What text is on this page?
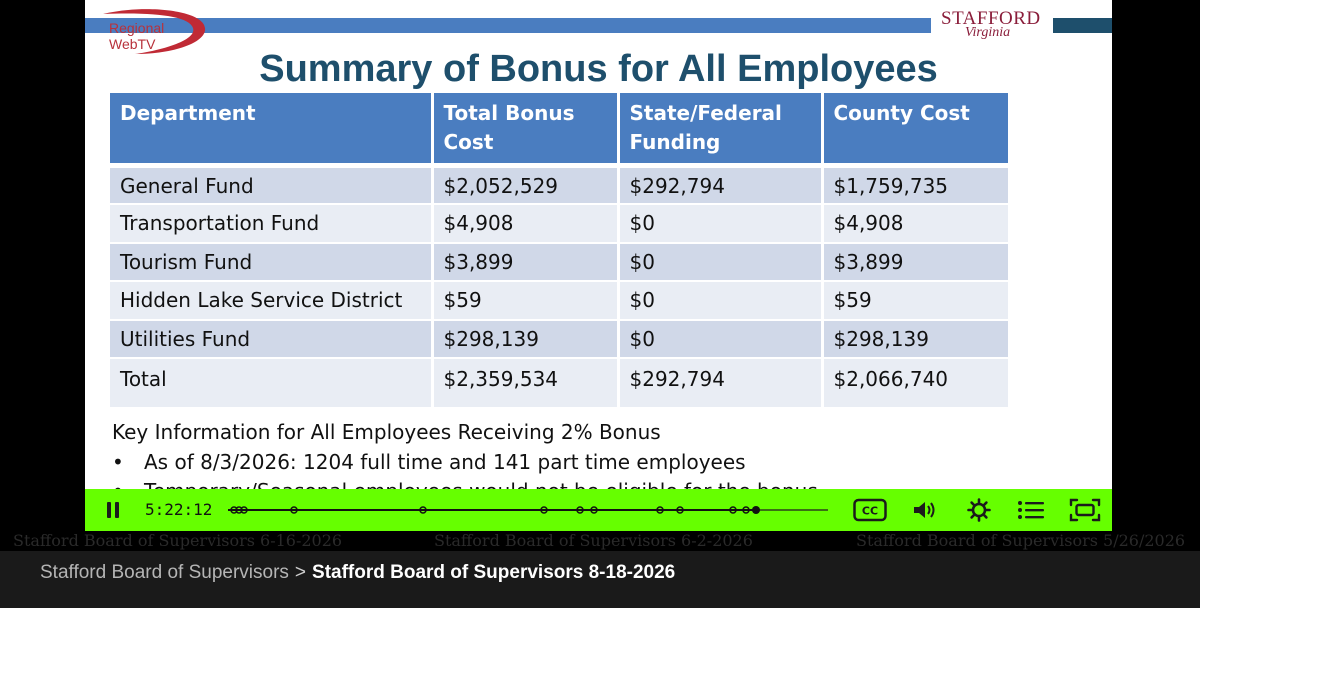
Regional
WebTV
STAFFORD
Virginia
Summary of Bonus for All Employees
Department	Total Bonus Cost	State/Federal Funding	County Cost
General Fund	$2,052,529	$292,794	$1,759,735
Transportation Fund	$4,908	$0	$4,908
Tourism Fund	$3,899	$0	$3,899
Hidden Lake Service District	$59	$0	$59
Utilities Fund	$298,139	$0	$298,139
Total	$2,359,534	$292,794	$2,066,740
Key Information for All Employees Receiving 2% Bonus
• As of 8/3/2026: 1204 full time and 141 part time employees
5:22:12	CC
Stafford Board of Supervisors 6-16-2026	Stafford Board of Supervisors 6-2-2026	Stafford Board of Supervisors 5/26/2026
Stafford Board of Supervisors > Stafford Board of Supervisors 8-18-2026
